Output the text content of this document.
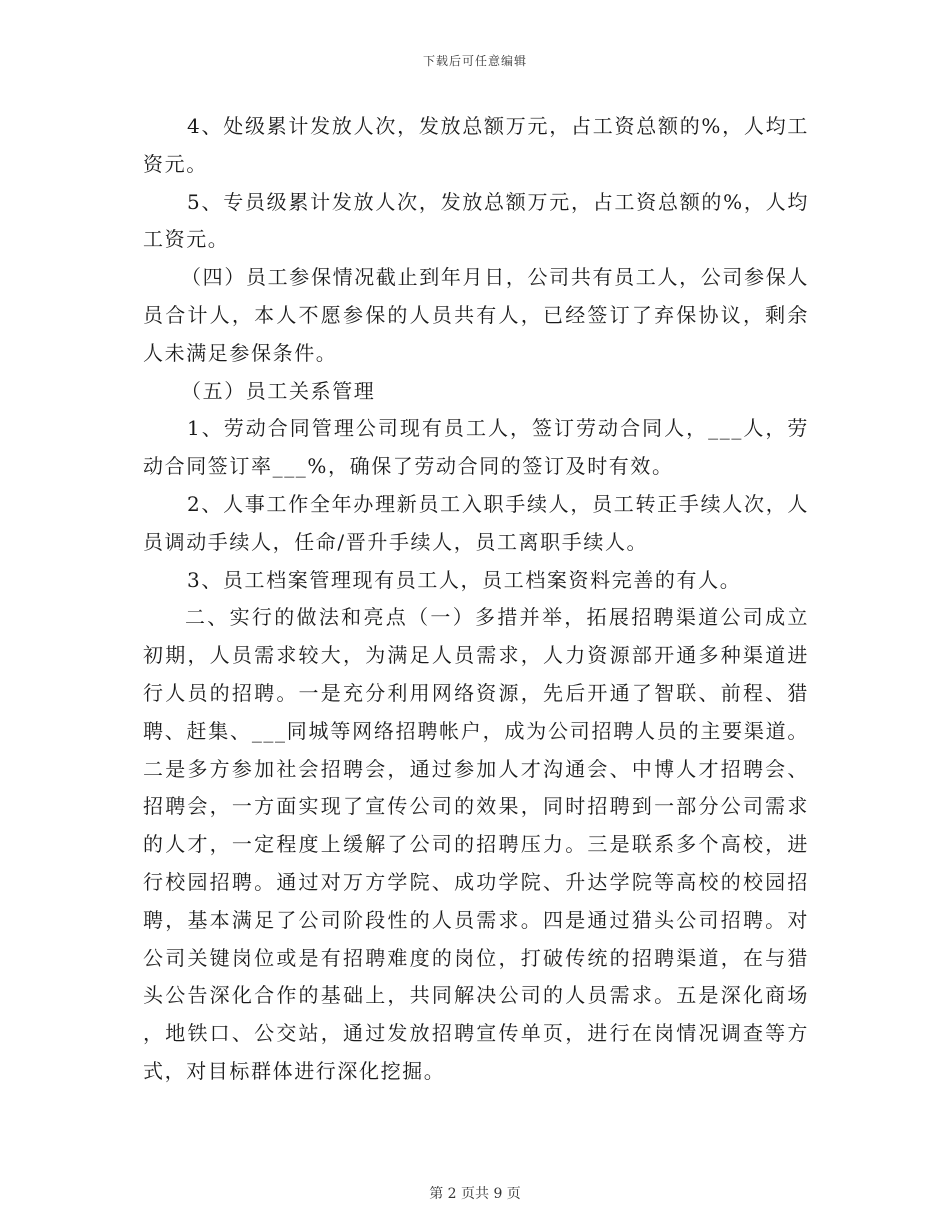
下载后可任意编辑

4、处级累计发放人次，发放总额万元，占工资总额的%，人均工资元。

5、专员级累计发放人次，发放总额万元，占工资总额的%，人均工资元。

（四）员工参保情况截止到年月日，公司共有员工人，公司参保人员合计人，本人不愿参保的人员共有人，已经签订了弃保协议，剩余人未满足参保条件。

（五）员工关系管理

1、劳动合同管理公司现有员工人，签订劳动合同人，___人，劳动合同签订率___%，确保了劳动合同的签订及时有效。

2、人事工作全年办理新员工入职手续人，员工转正手续人次，人员调动手续人，任命/晋升手续人，员工离职手续人。

3、员工档案管理现有员工人，员工档案资料完善的有人。

二、实行的做法和亮点（一）多措并举，拓展招聘渠道公司成立初期，人员需求较大，为满足人员需求，人力资源部开通多种渠道进行人员的招聘。一是充分利用网络资源，先后开通了智联、前程、猎聘、赶集、___同城等网络招聘帐户，成为公司招聘人员的主要渠道。二是多方参加社会招聘会，通过参加人才沟通会、中博人才招聘会、招聘会，一方面实现了宣传公司的效果，同时招聘到一部分公司需求的人才，一定程度上缓解了公司的招聘压力。三是联系多个高校，进行校园招聘。通过对万方学院、成功学院、升达学院等高校的校园招聘，基本满足了公司阶段性的人员需求。四是通过猎头公司招聘。对公司关键岗位或是有招聘难度的岗位，打破传统的招聘渠道，在与猎头公告深化合作的基础上，共同解决公司的人员需求。五是深化商场，地铁口、公交站，通过发放招聘宣传单页，进行在岗情况调查等方式，对目标群体进行深化挖掘。

第 2 页共 9 页
